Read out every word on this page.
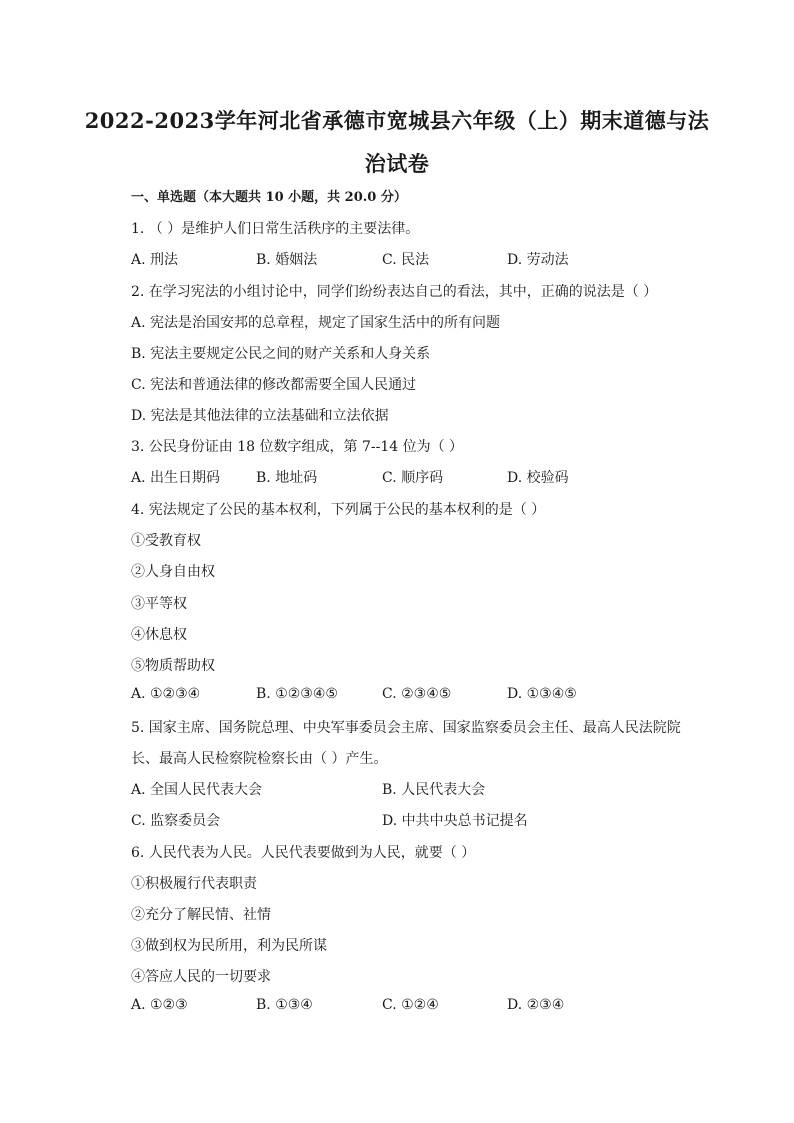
2022-2023学年河北省承德市宽城县六年级（上）期末道德与法
治试卷
一、单选题（本大题共 10 小题，共 20.0 分）
1. （ ）是维护人们日常生活秩序的主要法律。
A. 刑法	B. 婚姻法	C. 民法	D. 劳动法
2. 在学习宪法的小组讨论中，同学们纷纷表达自己的看法，其中，正确的说法是（ ）
A. 宪法是治国安邦的总章程，规定了国家生活中的所有问题
B. 宪法主要规定公民之间的财产关系和人身关系
C. 宪法和普通法律的修改都需要全国人民通过
D. 宪法是其他法律的立法基础和立法依据
3. 公民身份证由 18 位数字组成，第 7--14 位为（ ）
A. 出生日期码	B. 地址码	C. 顺序码	D. 校验码
4. 宪法规定了公民的基本权利，下列属于公民的基本权利的是（ ）
①受教育权
②人身自由权
③平等权
④休息权
⑤物质帮助权
A. ①②③④	B. ①②③④⑤	C. ②③④⑤	D. ①③④⑤
5. 国家主席、国务院总理、中央军事委员会主席、国家监察委员会主任、最高人民法院院
长、最高人民检察院检察长由（ ）产生。
A. 全国人民代表大会	B. 人民代表大会
C. 监察委员会	D. 中共中央总书记提名
6. 人民代表为人民。人民代表要做到为人民，就要（ ）
①积极履行代表职责
②充分了解民情、社情
③做到权为民所用，利为民所谋
④答应人民的一切要求
A. ①②③	B. ①③④	C. ①②④	D. ②③④
